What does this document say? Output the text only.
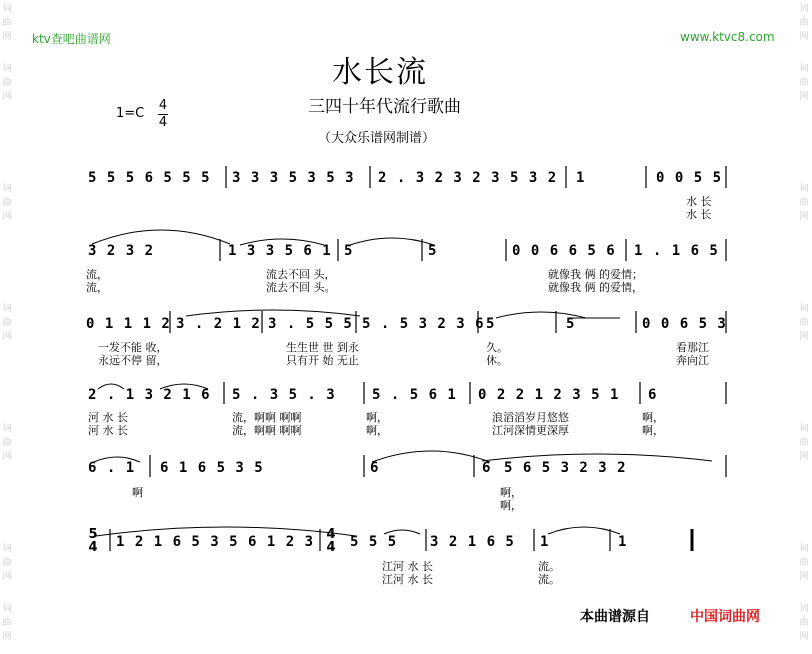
词
曲
网
词
曲
网
词
曲
网
词
曲
网
词
曲
网
词
曲
网
词
曲
网
词
曲
网
词
曲
网
词
曲
网
词
曲
网
词
曲
网
词
曲
网
词
曲
网
ktv查吧曲谱网	www.ktvc8.com
水长流
三四十年代流行歌曲
（大众乐谱网制谱）
1=C
4
4
5 5 5 6 5 5 5 3 3 3 5 3 5 3 2 . 3 2 3 2 3 5 3 2 1	0 0 5 5
水 长
水 长
3 2 3 2	1 3 3 5 6 1 5	5	0 0 6 6 5 6 1 . 1 6 5
流，
流，
流去不回 头，
流去不回 头。
就像我 俩 的爱情；
就像我 俩 的爱情，
0 1 1 1 2 3 . 2 1 2 3 . 5 5 5 5 . 5 3 2 3 6 5	5	0 0 6 5 3
一发不能 收，
永远不停 留，
生生世 世 到永
只有开 始 无止
久。
休。
看那江
奔向江
2 . 1 3 2 1 6 5 . 3 5 . 3	5 . 5 6 1 0 2 2 1 2 3 5 1 6
河 水 长
河 水 长
流，啊啊 啊啊
流，啊啊 啊啊
啊，
啊，
浪滔滔岁月悠悠
江河深情更深厚
啊，
啊，
6 . 1 6 1 6 5 3 5	6	6 5 6 5 3 2 3 2
啊	啊，
啊，
5
4
4
4
1 2 1 6 5 3 5 6 1 2 3	5 5 5 3 2 1 6 5 1	1
江河 水 长
江河 水 长
流。
流。
本曲谱源自	中国词曲网
